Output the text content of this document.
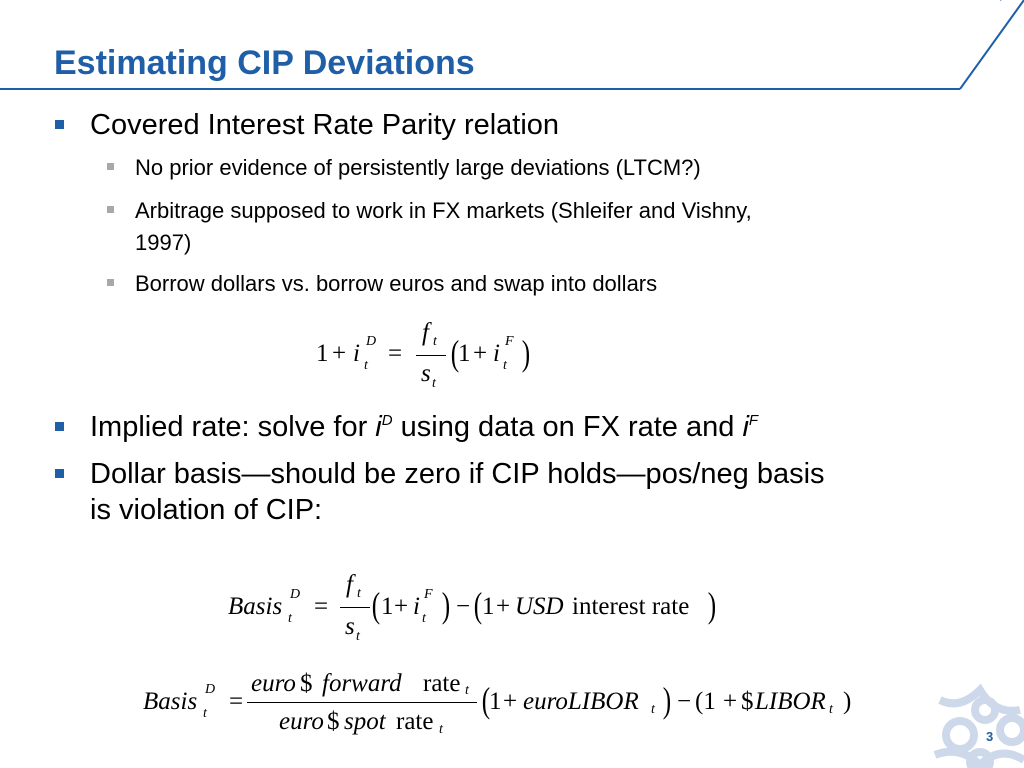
Estimating CIP Deviations
Covered Interest Rate Parity relation
No prior evidence of persistently large deviations (LTCM?)
Arbitrage supposed to work in FX markets (Shleifer and Vishny,
1997)
Borrow dollars vs. borrow euros and swap into dollars
1 + i D
t =
f t
s t
(
1 + i F
t )
Implied rate: solve for $i^D$ using data on FX rate and $i^F$
Dollar basis—should be zero if CIP holds—pos/neg basis
is violation of CIP:
Basis D
t =
f t
s t
( 1 + i F
t ) − ( 1 + USD interest rate )
Basis D
t =
euro $ forward rate t
euro $ spot rate t
(
1 + euroLIBOR t ) − (1 + $ LIBOR t )
3
